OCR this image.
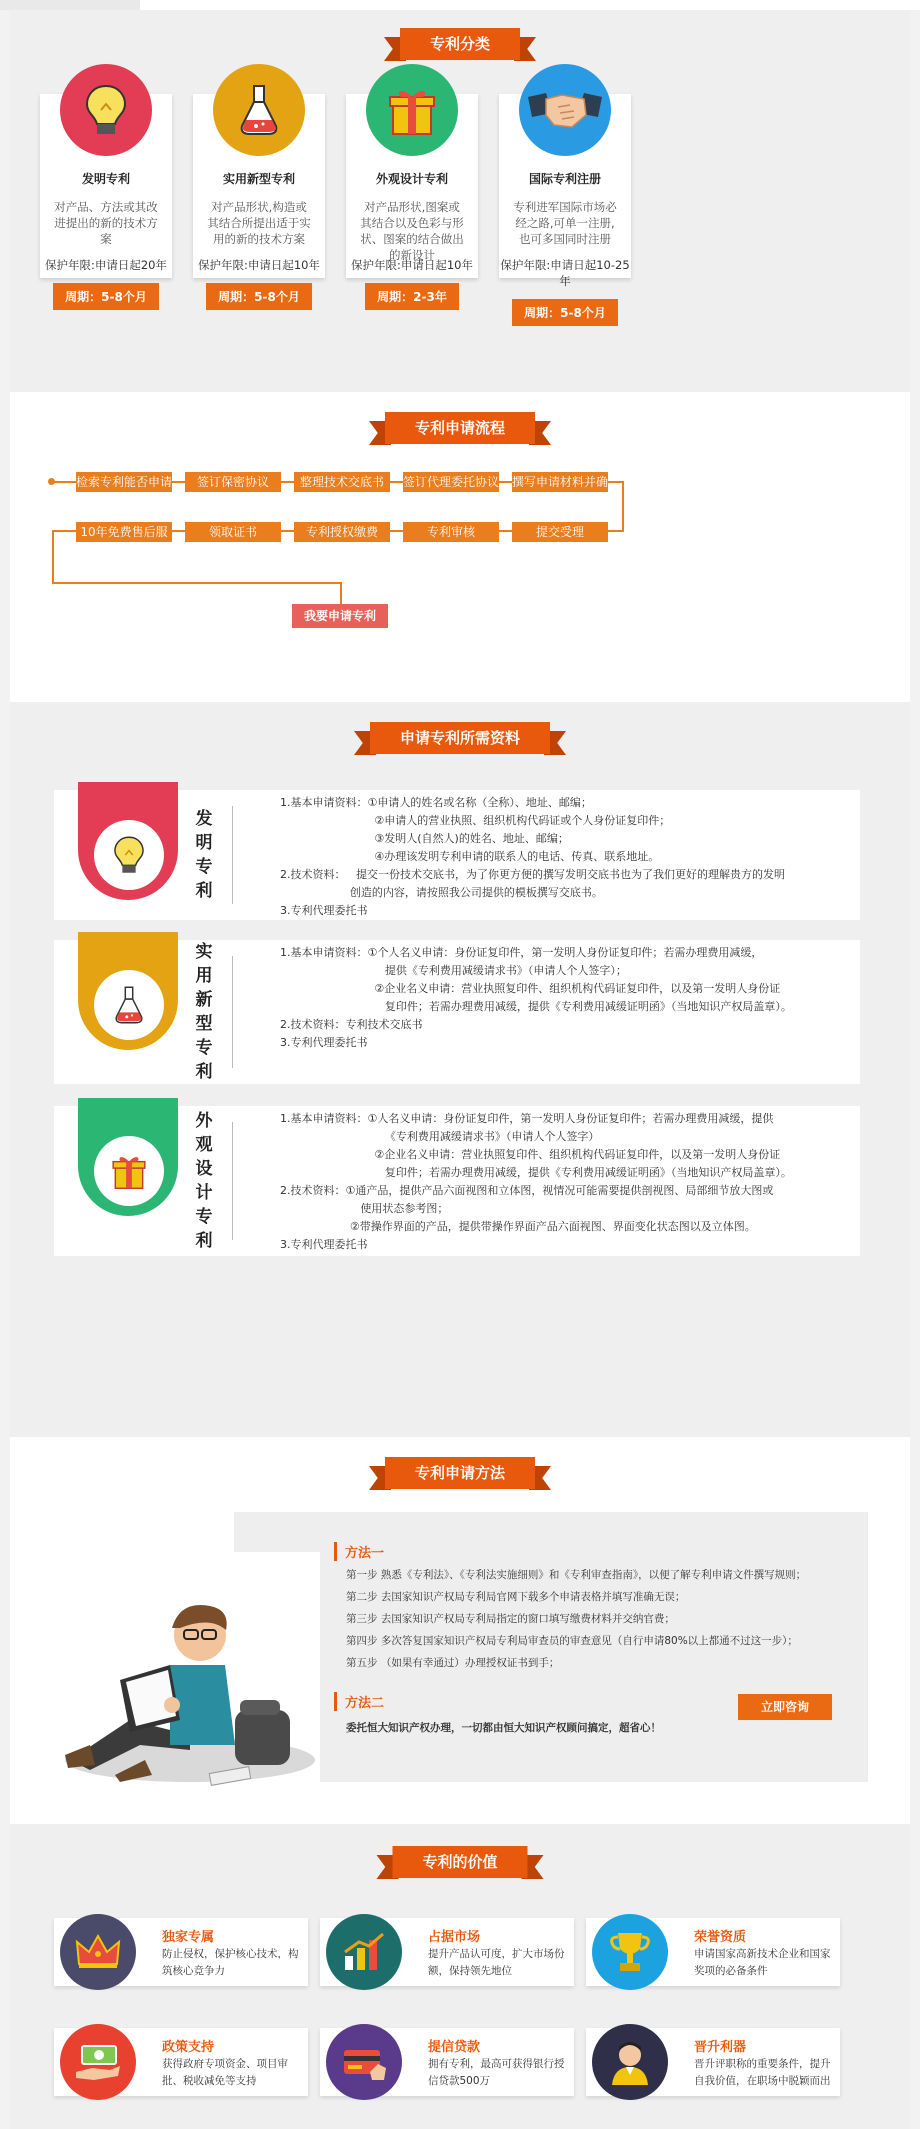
专利分类
发明专利
对产品、方法或其改进提出的新的技术方案
保护年限:申请日起20年
周期：5-8个月
实用新型专利
对产品形状,构造或其结合所提出适于实用的新的技术方案
保护年限:申请日起10年
周期：5-8个月
外观设计专利
对产品形状,图案或其结合以及色彩与形状、图案的结合做出的新设计
保护年限:申请日起10年
周期：2-3年
国际专利注册
专利进军国际市场必经之路,可单一注册,也可多国同时注册
保护年限:申请日起10-25年
周期：5-8个月
专利申请流程
检索专利能否申请	签订保密协议	整理技术交底书	签订代理委托协议 撰写申请材料并确认
10年免费售后服务
领取证书	专利授权缴费	专利审核	提交受理
我要申请专利
申请专利所需资料
发
明
专
利

1.基本申请资料：①申请人的姓名或名称（全称）、地址、邮编；

②申请人的营业执照、组织机构代码证或个人身份证复印件；

③发明人(自然人)的姓名、地址、邮编；

④办理该发明专利申请的联系人的电话、传真、联系地址。

2.技术资料：   提交一份技术交底书，为了你更方便的撰写发明交底书也为了我们更好的理解贵方的发明

创造的内容，请按照我公司提供的模板撰写交底书。

3.专利代理委托书

实
用
新
型
专
利

1.基本申请资料：①个人名义申请：身份证复印件，第一发明人身份证复印件；若需办理费用减缓，

提供《专利费用减缓请求书》（申请人个人签字）；

②企业名义申请：营业执照复印件、组织机构代码证复印件，以及第一发明人身份证

复印件；若需办理费用减缓，提供《专利费用减缓证明函》（当地知识产权局盖章）。

2.技术资料：专利技术交底书

3.专利代理委托书

外
观
设
计
专
利

1.基本申请资料：①人名义申请：身份证复印件，第一发明人身份证复印件；若需办理费用减缓，提供

《专利费用减缓请求书》（申请人个人签字）

②企业名义申请：营业执照复印件、组织机构代码证复印件，以及第一发明人身份证

复印件；若需办理费用减缓，提供《专利费用减缓证明函》（当地知识产权局盖章）。

2.技术资料：①通产品，提供产品六面视图和立体图，视情况可能需要提供剖视图、局部细节放大图或

使用状态参考图；

②带操作界面的产品，提供带操作界面产品六面视图、界面变化状态图以及立体图。

3.专利代理委托书

专利申请方法
方法一
第一步 熟悉《专利法》、《专利法实施细则》和《专利审查指南》，以便了解专利申请文件撰写规则；
第二步 去国家知识产权局专利局官网下载多个申请表格并填写准确无误；
第三步 去国家知识产权局专利局指定的窗口填写缴费材料并交纳官费；
第四步 多次答复国家知识产权局专利局审查员的审查意见（自行申请80%以上都通不过这一步）；
第五步 （如果有幸通过）办理授权证书到手；
方法二
委托恒大知识产权办理，一切都由恒大知识产权顾问搞定，超省心！
立即咨询
专利的价值
独家专属
防止侵权，保护核心技术，构筑核心竞争力
占据市场
提升产品认可度，扩大市场份额，保持领先地位
荣誉资质
申请国家高新技术企业和国家奖项的必备条件
政策支持
获得政府专项资金、项目审批、税收减免等支持
提信贷款
拥有专利，最高可获得银行授信贷款500万
晋升利器
晋升评职称的重要条件，提升自我价值，在职场中脱颖而出
